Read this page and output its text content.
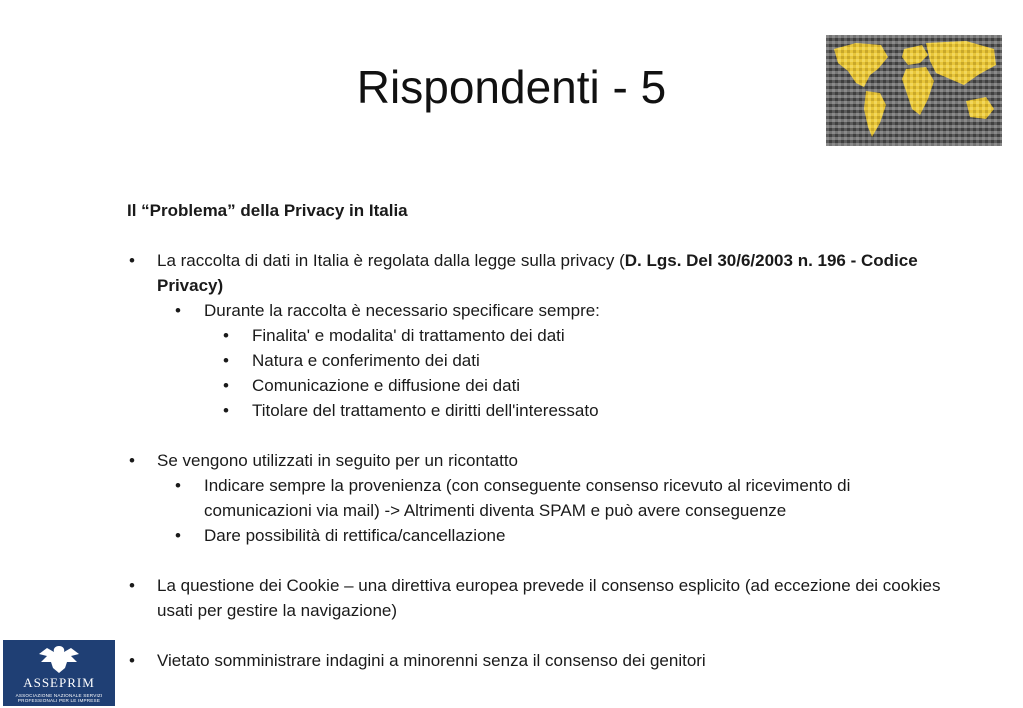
Rispondenti - 5

Il “Problema” della Privacy in Italia

• La raccolta di dati in Italia è regolata dalla legge sulla privacy (D. Lgs. Del 30/6/2003 n. 196 - Codice Privacy)
• Durante la raccolta è necessario specificare sempre:
• Finalita' e modalita' di trattamento dei dati
• Natura e conferimento dei dati
• Comunicazione e diffusione dei dati
• Titolare del trattamento e diritti dell'interessato
• Se vengono utilizzati in seguito per un ricontatto
• Indicare sempre la provenienza (con conseguente consenso ricevuto al ricevimento di comunicazioni via mail) -> Altrimenti diventa SPAM e può avere conseguenze
• Dare possibilità di rettifica/cancellazione
• La questione dei Cookie – una direttiva europea prevede il consenso esplicito (ad eccezione dei cookies usati per gestire la navigazione)
• Vietato somministrare indagini a minorenni senza il consenso dei genitori
ASSEPRIM
ASSOCIAZIONE NAZIONALE SERVIZI
PROFESSIONALI PER LE IMPRESE
